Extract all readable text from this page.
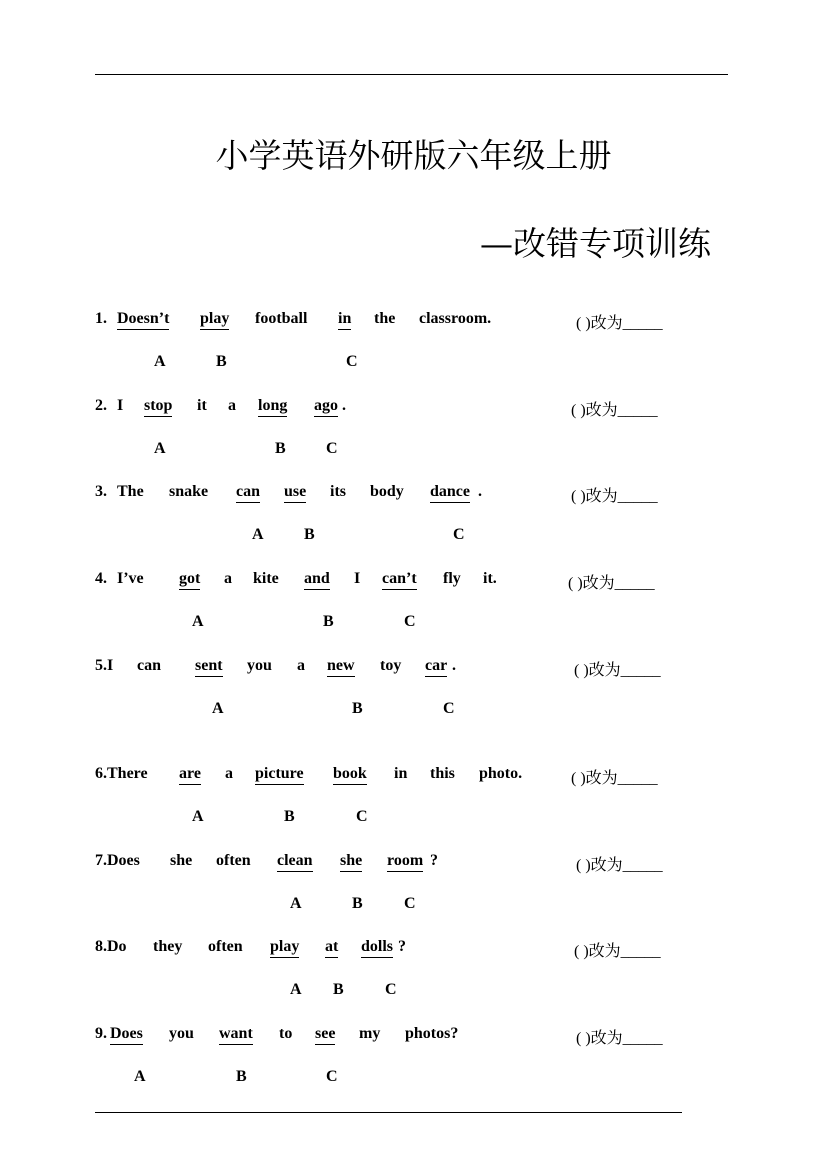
小学英语外研版六年级上册
—改错专项训练
1. Doesn’t play football in the classroom.	( )改为_____
A	B	C
2. I stop it a long ago .	( )改为_____
A	B	C
3. The snake can use its body dance .	( )改为_____
A	B	C
4. I’ve got a kite and I can’t fly it.	( )改为_____
A	B	C
5.I can sent you a new toy car .	( )改为_____
A	B	C
6.There are a picture book in this photo.	( )改为_____
A	B	C
7.Does she often clean she room ?	( )改为_____
A	B	C
8.Do they often play at dolls ?	( )改为_____
A B	C
9. Does you want to see my photos?	( )改为_____
A	B	C
